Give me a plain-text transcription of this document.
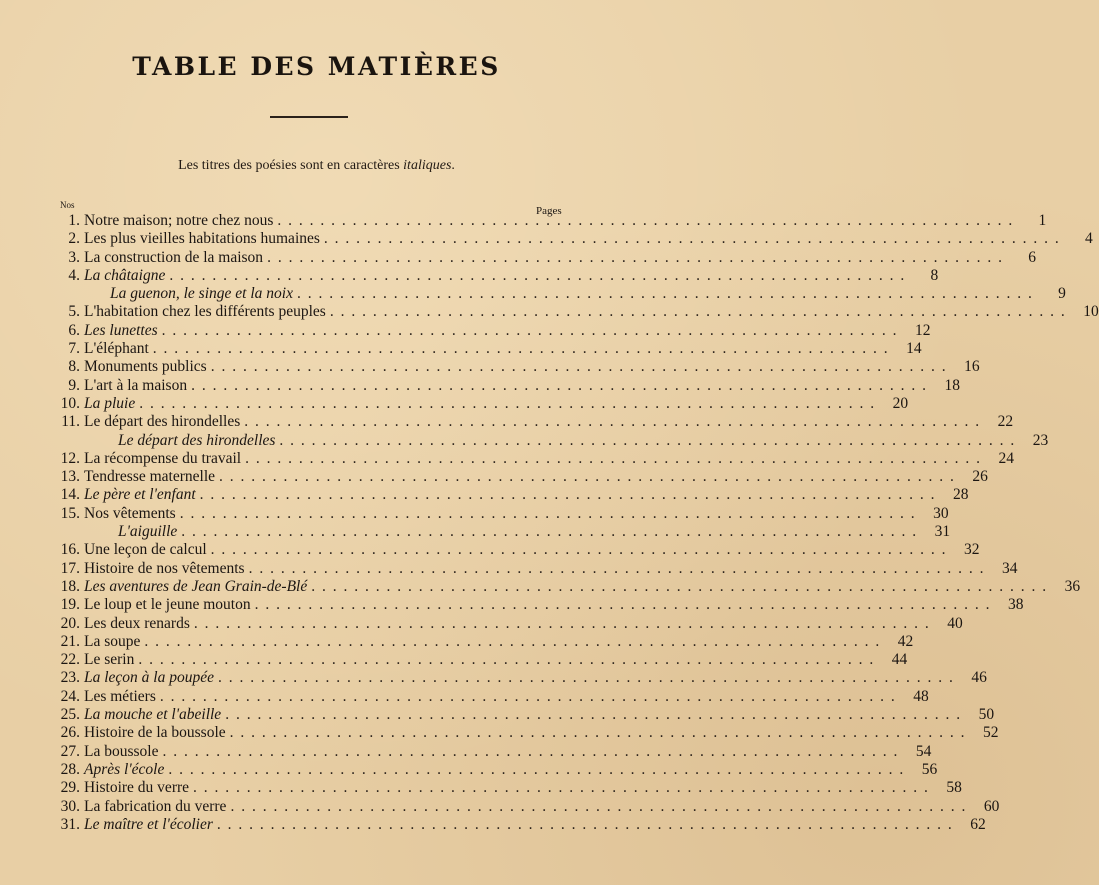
TABLE DES MATIÈRES
Les titres des poésies sont en caractères italiques.
Nos	Pages
1. Notre maison; notre chez nous . . .	1
2. Les plus vieilles habitations humaines . . .	4
3. La construction de la maison . . .	6
4. La châtaigne . . .	8
La guenon, le singe et la noix . . .	9
5. L'habitation chez les différents peuples . . .	10
6. Les lunettes . . .	12
7. L'éléphant . . .	14
8. Monuments publics . . .	16
9. L'art à la maison . . .	18
10. La pluie . . .	20
11. Le départ des hirondelles . . .	22
Le départ des hirondelles . . .	23
12. La récompense du travail . . .	24
13. Tendresse maternelle . . .	26
14. Le père et l'enfant . . .	28
15. Nos vêtements . . .	30
L'aiguille . . .	31
16. Une leçon de calcul . . .	32
17. Histoire de nos vêtements . . .	34
18. Les aventures de Jean Grain-de-Blé . . .	36
19. Le loup et le jeune mouton . . .	38
20. Les deux renards . . .	40
21. La soupe . . .	42
22. Le serin . . .	44
23. La leçon à la poupée . . .	46
24. Les métiers . . .	48
25. La mouche et l'abeille . . .	50
26. Histoire de la boussole . . .	52
27. La boussole . . .	54
28. Après l'école . . .	56
29. Histoire du verre . . .	58
30. La fabrication du verre . . .	60
31. Le maître et l'écolier . . .	62
